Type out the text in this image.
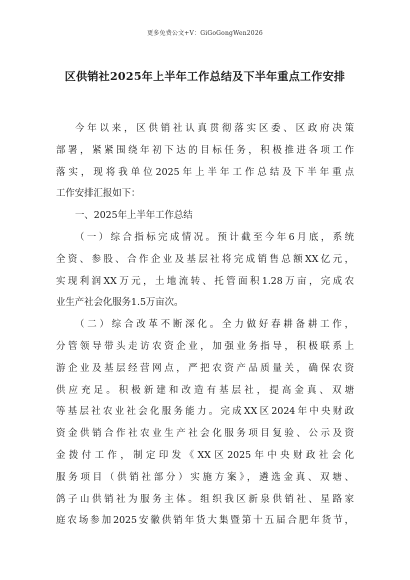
更多免费公文+V：GiGoGongWen2026
区供销社2025年上半年工作总结及下半年重点工作安排
今年以来，区供销社认真贯彻落实区委、区政府决策
部署，紧紧围绕年初下达的目标任务，积极推进各项工作
落实，现将我单位2025年上半年工作总结及下半年重点
工作安排汇报如下：
一、2025年上半年工作总结
（一）综合指标完成情况。预计截至今年6月底，系统
全资、参股、合作企业及基层社将完成销售总额XX亿元，
实现利润XX万元，土地流转、托管面积1.28万亩，完成农
业生产社会化服务1.5万亩次。
（二）综合改革不断深化。全力做好春耕备耕工作，
分管领导带头走访农资企业，加强业务指导，积极联系上
游企业及基层经营网点，严把农资产品质量关，确保农资
供应充足。积极新建和改造有基层社，提高金真、双塘
等基层社农业社会化服务能力。完成XX区2024年中央财政
资金供销合作社农业生产社会化服务项目复验、公示及资
金拨付工作，制定印发《XX区2025年中央财政社会化
服务项目（供销社部分）实施方案》，遴选金真、双塘、
鸽子山供销社为服务主体。组织我区新泉供销社、星路家
庭农场参加2025安徽供销年货大集暨第十五届合肥年货节，
